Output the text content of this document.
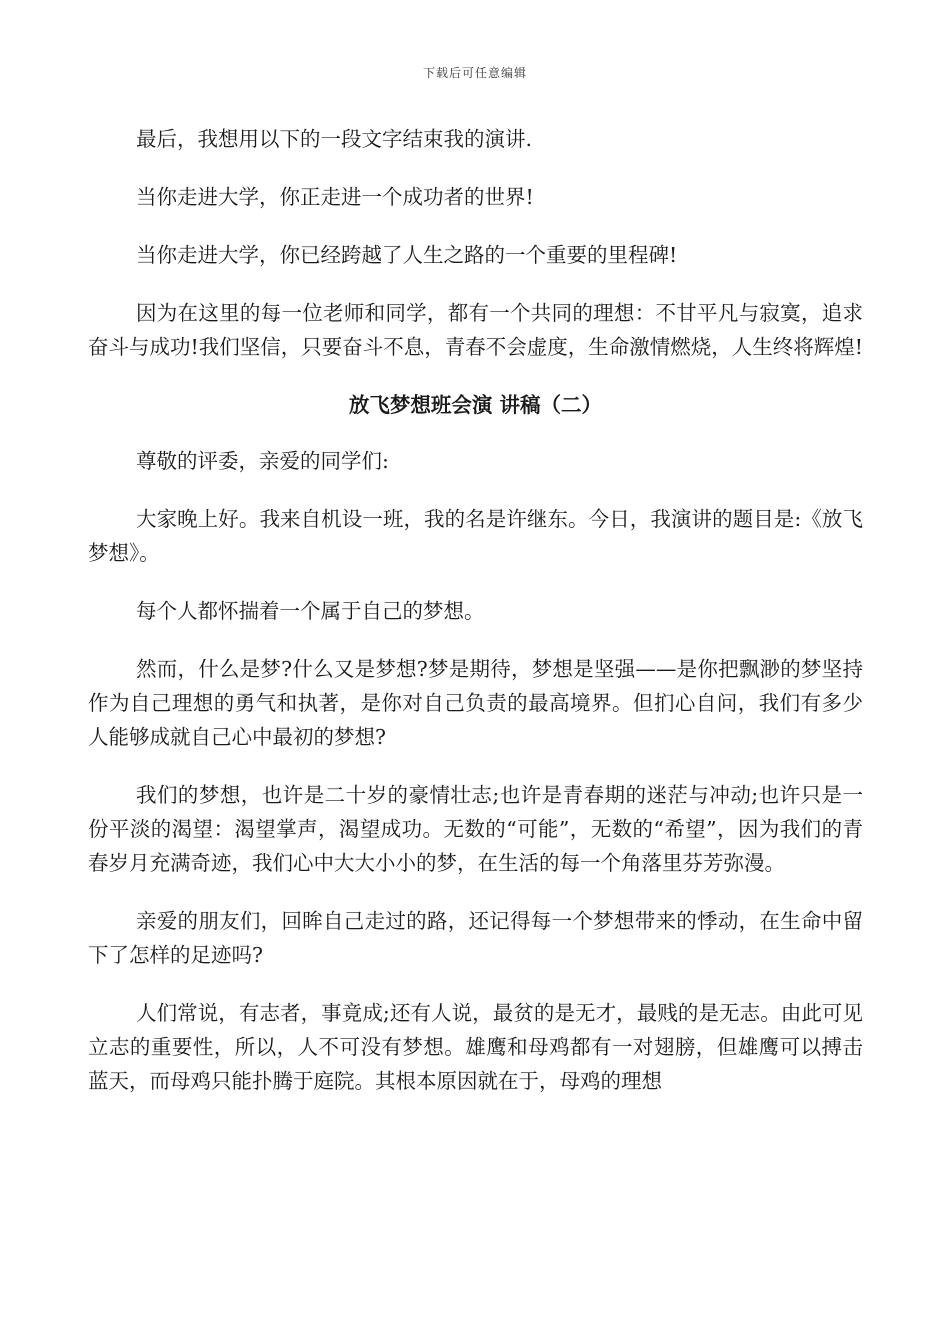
下载后可任意编辑

最后，我想用以下的一段文字结束我的演讲.

当你走进大学，你正走进一个成功者的世界!

当你走进大学，你已经跨越了人生之路的一个重要的里程碑!

因为在这里的每一位老师和同学，都有一个共同的理想：不甘平凡与寂寞，追求奋斗与成功!我们坚信，只要奋斗不息，青春不会虚度，生命激情燃烧，人生终将辉煌!

放飞梦想班会演 讲稿（二）

尊敬的评委，亲爱的同学们:

大家晚上好。我来自机设一班，我的名是许继东。今日，我演讲的题目是:《放飞梦想》。

每个人都怀揣着一个属于自己的梦想。

然而，什么是梦?什么又是梦想?梦是期待，梦想是坚强——是你把飘渺的梦坚持作为自己理想的勇气和执著，是你对自己负责的最高境界。但扪心自问，我们有多少人能够成就自己心中最初的梦想?

我们的梦想，也许是二十岁的豪情壮志;也许是青春期的迷茫与冲动;也许只是一份平淡的渴望：渴望掌声，渴望成功。无数的“可能”，无数的“希望”，因为我们的青春岁月充满奇迹，我们心中大大小小的梦，在生活的每一个角落里芬芳弥漫。

亲爱的朋友们，回眸自己走过的路，还记得每一个梦想带来的悸动，在生命中留下了怎样的足迹吗?

人们常说，有志者，事竟成;还有人说，最贫的是无才，最贱的是无志。由此可见立志的重要性，所以，人不可没有梦想。雄鹰和母鸡都有一对翅膀，但雄鹰可以搏击蓝天，而母鸡只能扑腾于庭院。其根本原因就在于，母鸡的理想
